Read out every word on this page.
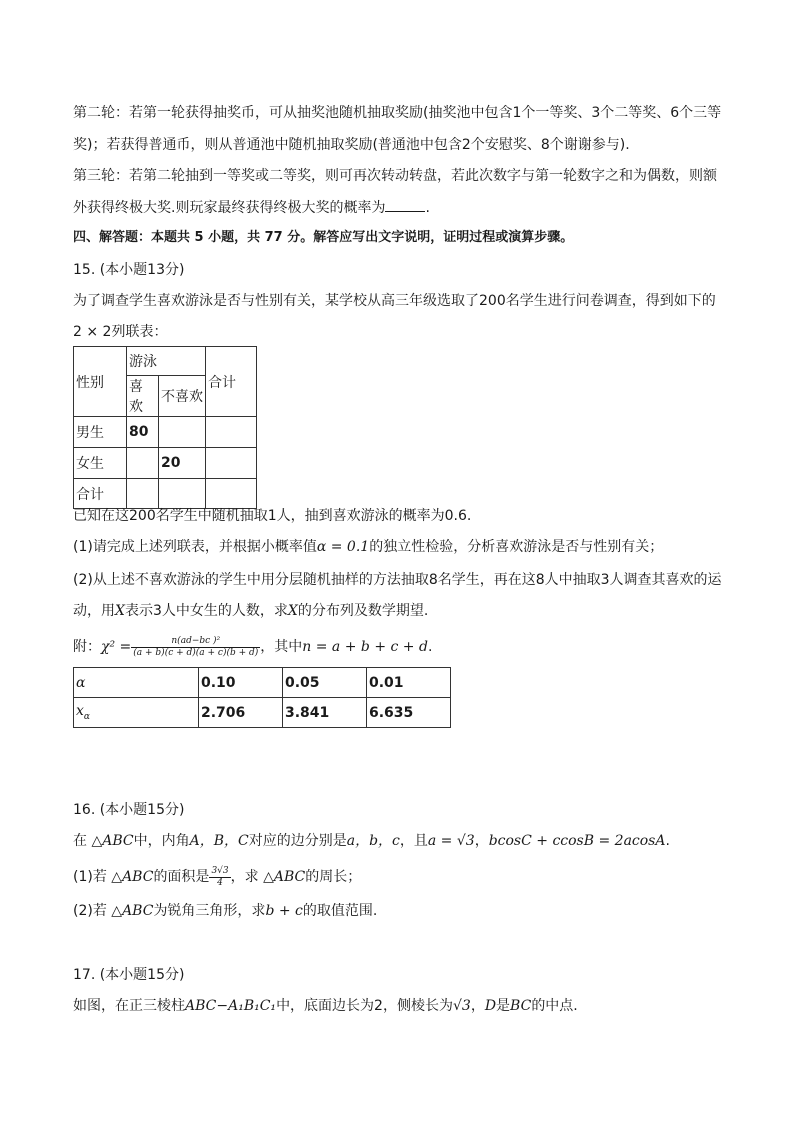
第二轮：若第一轮获得抽奖币，可从抽奖池随机抽取奖励(抽奖池中包含1个一等奖、3个二等奖、6个三等
奖)；若获得普通币，则从普通池中随机抽取奖励(普通池中包含2个安慰奖、8个谢谢参与).
第三轮：若第二轮抽到一等奖或二等奖，则可再次转动转盘，若此次数字与第一轮数字之和为偶数，则额
外获得终极大奖.则玩家最终获得终极大奖的概率为	.
四、解答题：本题共 5 小题，共 77 分。解答应写出文字说明，证明过程或演算步骤。
15. (本小题13分)
为了调查学生喜欢游泳是否与性别有关，某学校从高三年级选取了200名学生进行问卷调查，得到如下的
2 × 2列联表：
性别	游泳		合计
	喜欢	不喜欢	
男生	80		
女生		20	
合计			
已知在这200名学生中随机抽取1人，抽到喜欢游泳的概率为0.6.
(1)请完成上述列联表，并根据小概率值α = 0.1的独立性检验，分析喜欢游泳是否与性别有关；
(2)从上述不喜欢游泳的学生中用分层随机抽样的方法抽取8名学生，再在这8人中抽取3人调查其喜欢的运
动，用X表示3人中女生的人数，求X的分布列及数学期望.
附：$\chi^2 = \frac{\text{n(ad−bc )²}}{(a + b)(c + d)(a + c)(b + d)}$ ，其中n = a + b + c + d.
α	0.10	0.05	0.01
$x_\alpha$	2.706	3.841	6.635
16. (本小题15分)
在 △ABC中，内角A，B，C对应的边分别是a，b，c，且a = √3，bcosC + ccosB = 2acosA.
(1)若 △ABC的面积是 $\frac{3√3}{4}$ ，求 △ABC的周长；
(2)若 △ABC为锐角三角形，求b + c的取值范围.
17. (本小题15分)
如图，在正三棱柱ABC−A₁B₁C₁中，底面边长为2，侧棱长为√3，D是BC的中点.
